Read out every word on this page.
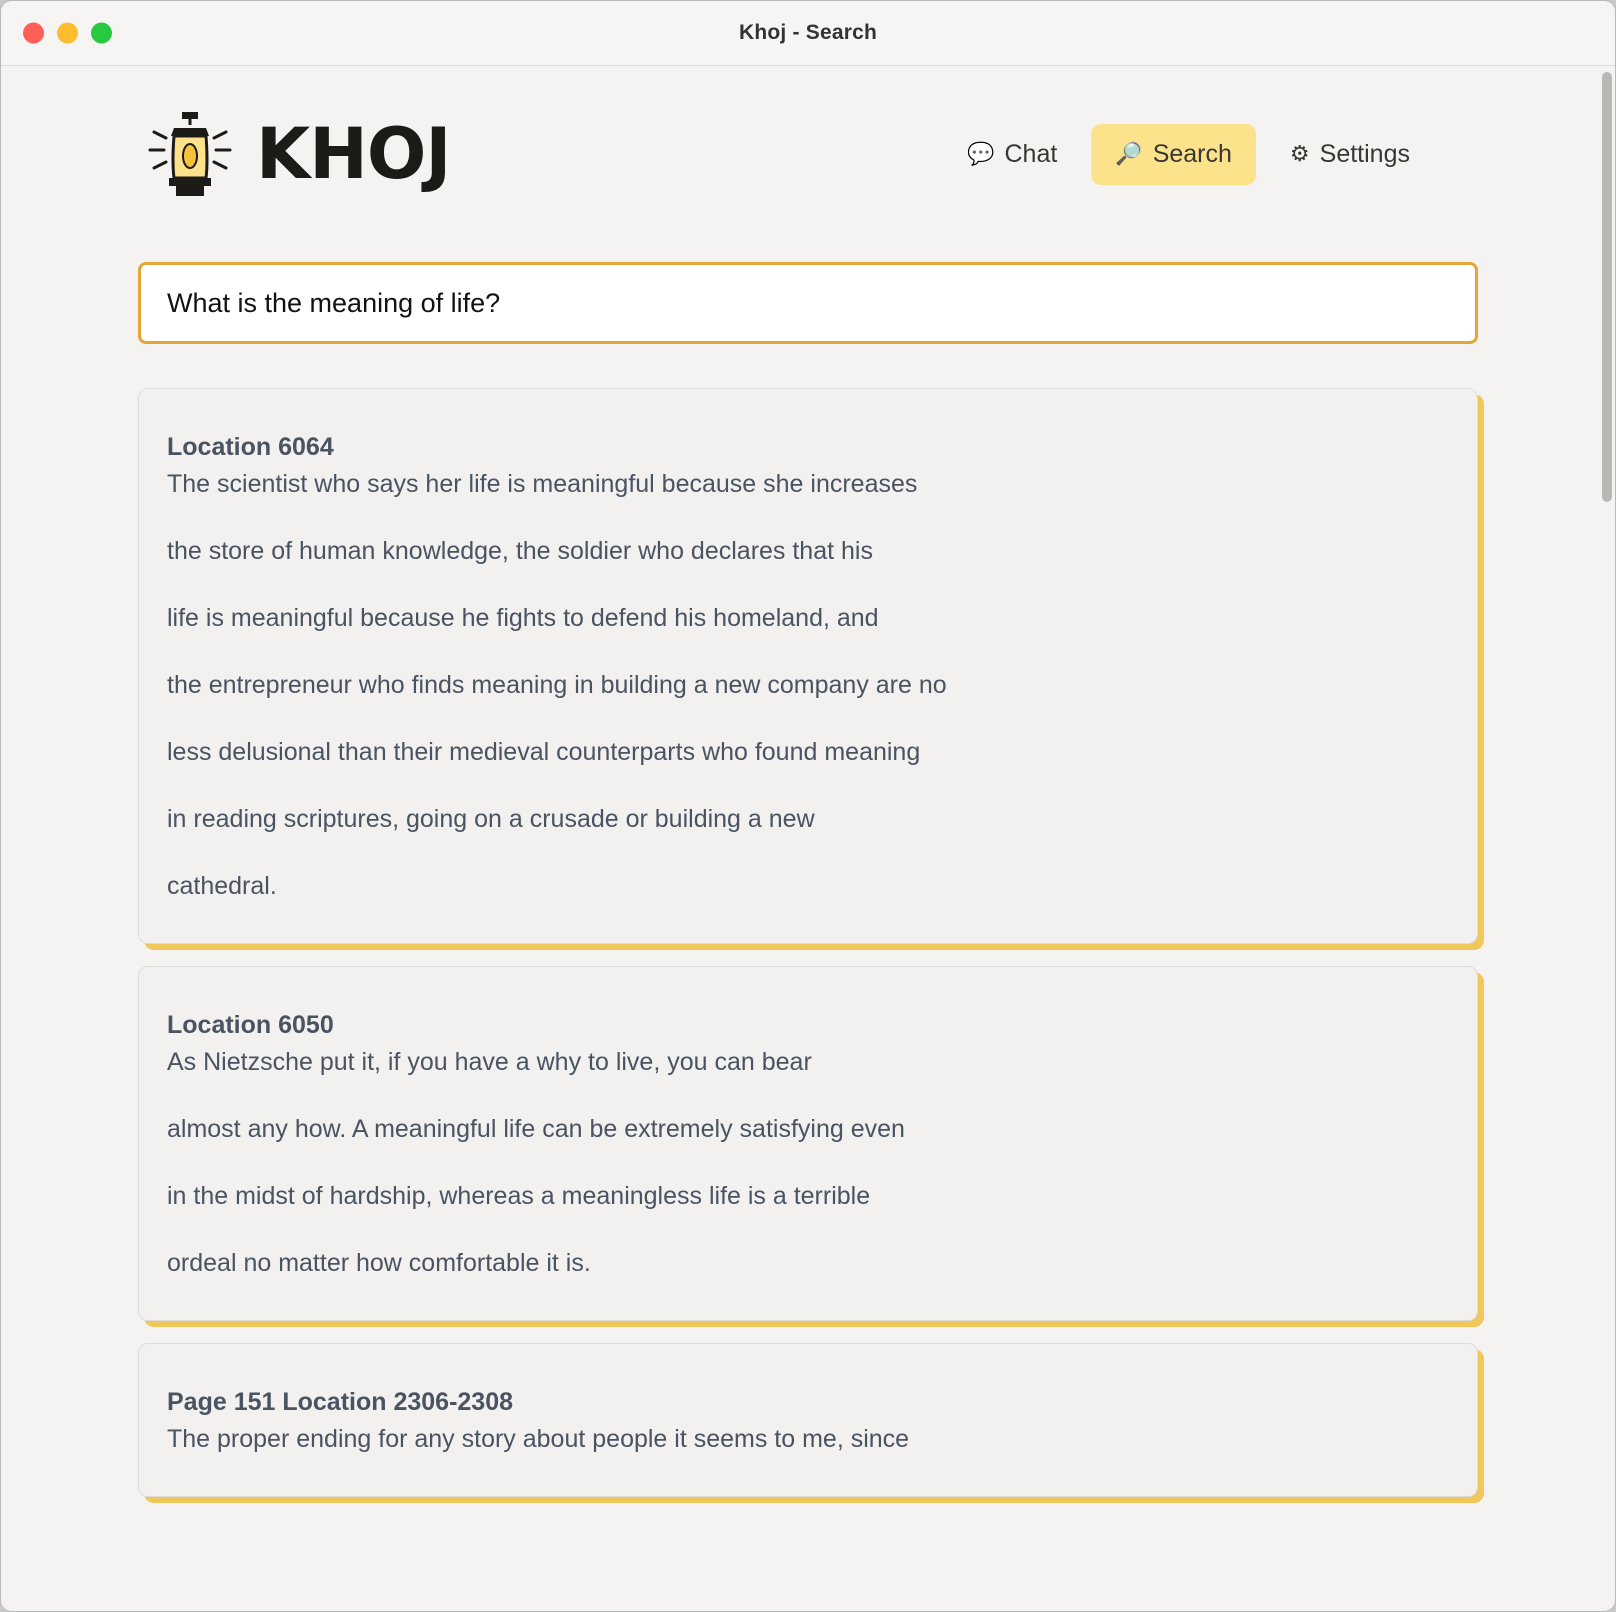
Khoj - Search
KHOJ	💬 Chat	🔎 Search	⚙ Settings
What is the meaning of life?
Location 6064

The scientist who says her life is meaningful because she increases

the store of human knowledge, the soldier who declares that his

life is meaningful because he fights to defend his homeland, and

the entrepreneur who finds meaning in building a new company are no

less delusional than their medieval counterparts who found meaning

in reading scriptures, going on a crusade or building a new

cathedral.

Location 6050

As Nietzsche put it, if you have a why to live, you can bear

almost any how. A meaningful life can be extremely satisfying even

in the midst of hardship, whereas a meaningless life is a terrible

ordeal no matter how comfortable it is.

Page 151 Location 2306-2308

The proper ending for any story about people it seems to me, since
